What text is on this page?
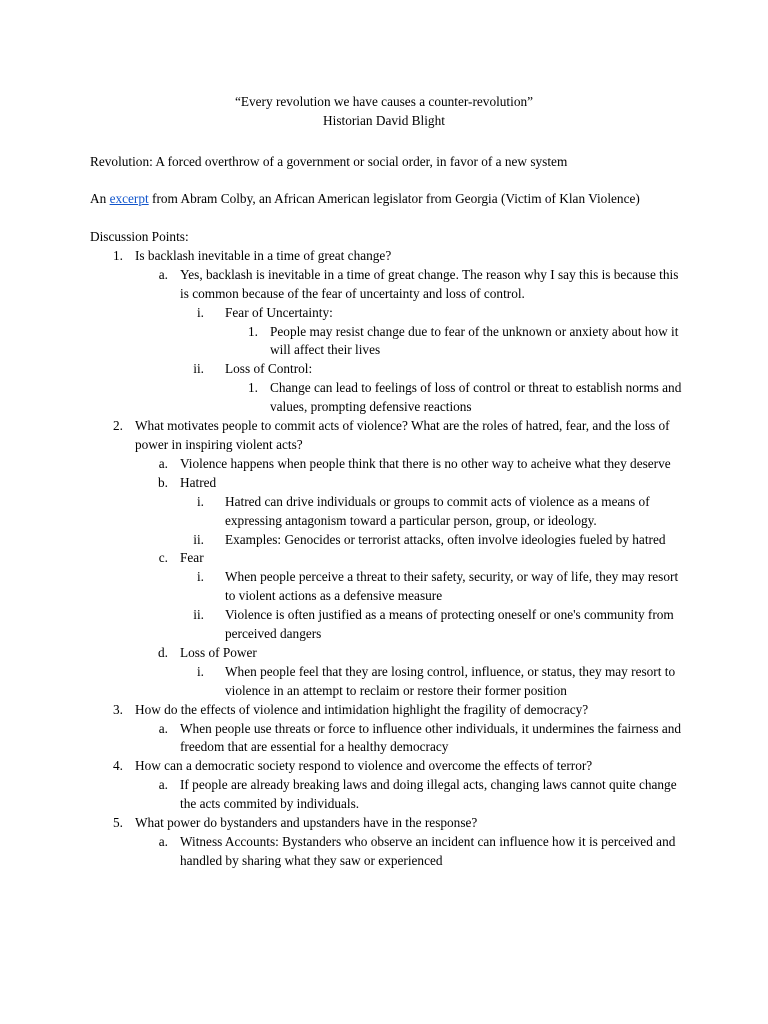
“Every revolution we have causes a counter-revolution”
Historian David Blight
Revolution: A forced overthrow of a government or social order, in favor of a new system
An excerpt from Abram Colby, an African American legislator from Georgia (Victim of Klan Violence)
Discussion Points:
1. Is backlash inevitable in a time of great change?
a. Yes, backlash is inevitable in a time of great change. The reason why I say this is because this is common because of the fear of uncertainty and loss of control.
i. Fear of Uncertainty:
1. People may resist change due to fear of the unknown or anxiety about how it will affect their lives
ii. Loss of Control:
1. Change can lead to feelings of loss of control or threat to establish norms and values, prompting defensive reactions
2. What motivates people to commit acts of violence? What are the roles of hatred, fear, and the loss of power in inspiring violent acts?
a. Violence happens when people think that there is no other way to acheive what they deserve
b. Hatred
i. Hatred can drive individuals or groups to commit acts of violence as a means of expressing antagonism toward a particular person, group, or ideology.
ii. Examples: Genocides or terrorist attacks, often involve ideologies fueled by hatred
c. Fear
i. When people perceive a threat to their safety, security, or way of life, they may resort to violent actions as a defensive measure
ii. Violence is often justified as a means of protecting oneself or one's community from perceived dangers
d. Loss of Power
i. When people feel that they are losing control, influence, or status, they may resort to violence in an attempt to reclaim or restore their former position
3. How do the effects of violence and intimidation highlight the fragility of democracy?
a. When people use threats or force to influence other individuals, it undermines the fairness and freedom that are essential for a healthy democracy
4. How can a democratic society respond to violence and overcome the effects of terror?
a. If people are already breaking laws and doing illegal acts, changing laws cannot quite change the acts commited by individuals.
5. What power do bystanders and upstanders have in the response?
a. Witness Accounts: Bystanders who observe an incident can influence how it is perceived and handled by sharing what they saw or experienced
